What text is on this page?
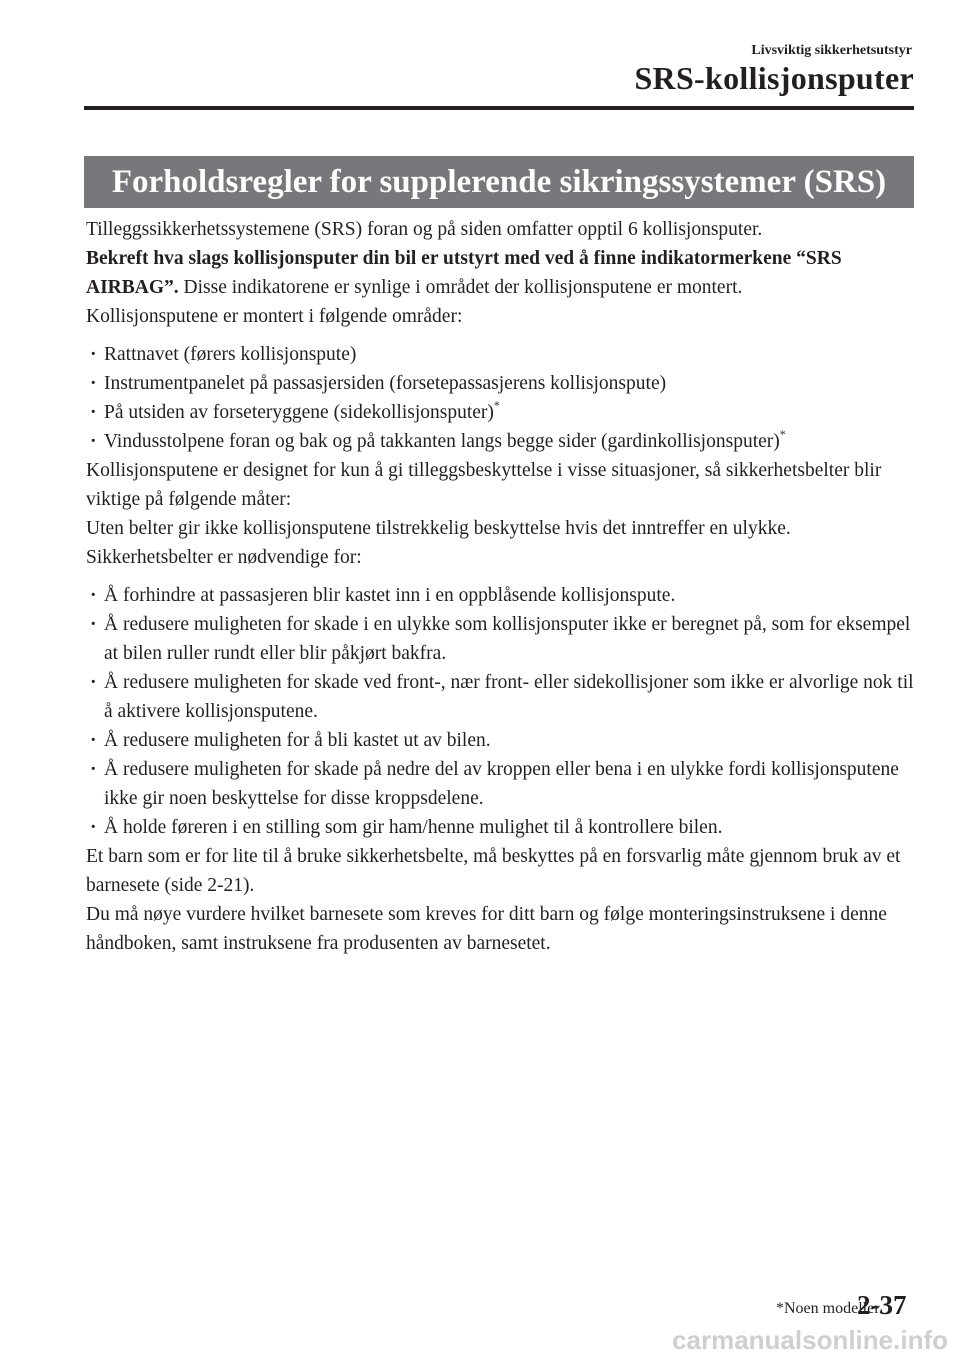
Livsviktig sikkerhetsutstyr
SRS-kollisjonsputer
Forholdsregler for supplerende sikringssystemer (SRS)

Tilleggssikkerhetssystemene (SRS) foran og på siden omfatter opptil 6 kollisjonsputer.
Bekreft hva slags kollisjonsputer din bil er utstyrt med ved å finne indikatormerkene “SRS AIRBAG”. Disse indikatorene er synlige i området der kollisjonsputene er montert.
Kollisjonsputene er montert i følgende områder:

· Rattnavet (førers kollisjonspute)
· Instrumentpanelet på passasjersiden (forsetepassasjerens kollisjonspute)
· På utsiden av forseteryggene (sidekollisjonsputer)*
· Vindusstolpene foran og bak og på takkanten langs begge sider (gardinkollisjonsputer)*

Kollisjonsputene er designet for kun å gi tilleggsbeskyttelse i visse situasjoner, så sikkerhetsbelter blir viktige på følgende måter:

Uten belter gir ikke kollisjonsputene tilstrekkelig beskyttelse hvis det inntreffer en ulykke. Sikkerhetsbelter er nødvendige for:

· Å forhindre at passasjeren blir kastet inn i en oppblåsende kollisjonspute.
· Å redusere muligheten for skade i en ulykke som kollisjonsputer ikke er beregnet på, som for eksempel at bilen ruller rundt eller blir påkjørt bakfra.
· Å redusere muligheten for skade ved front-, nær front- eller sidekollisjoner som ikke er alvorlige nok til å aktivere kollisjonsputene.
· Å redusere muligheten for å bli kastet ut av bilen.
· Å redusere muligheten for skade på nedre del av kroppen eller bena i en ulykke fordi kollisjonsputene ikke gir noen beskyttelse for disse kroppsdelene.
· Å holde føreren i en stilling som gir ham/henne mulighet til å kontrollere bilen.

Et barn som er for lite til å bruke sikkerhetsbelte, må beskyttes på en forsvarlig måte gjennom bruk av et barnesete (side 2-21).

Du må nøye vurdere hvilket barnesete som kreves for ditt barn og følge monteringsinstruksene i denne håndboken, samt instruksene fra produsenten av barnesetet.

*Noen modeller.
2-37
carmanualsonline.info
